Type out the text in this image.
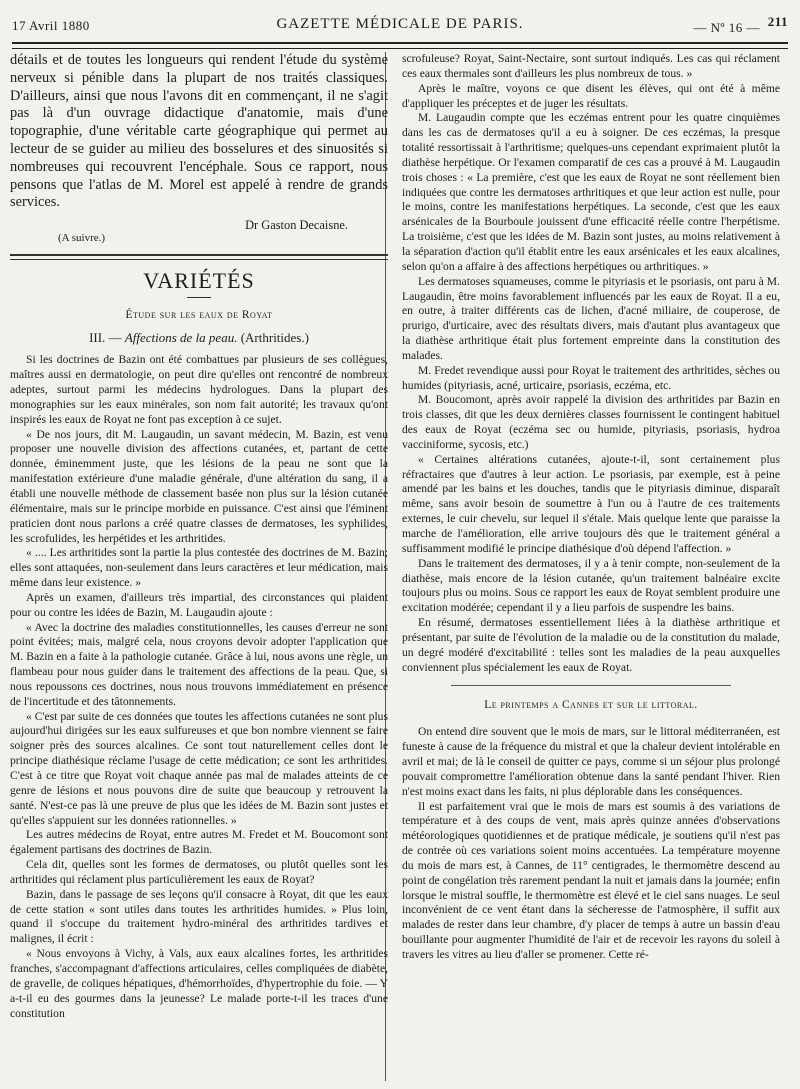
17 Avril 1880	GAZETTE MÉDICALE DE PARIS.	— Nº 16 — 211

détails et de toutes les longueurs qui rendent l'étude du système nerveux si pénible dans la plupart de nos traités classiques. D'ailleurs, ainsi que nous l'avons dit en commençant, il ne s'agit pas là d'un ouvrage didactique d'anatomie, mais d'une topographie, d'une véritable carte géographique qui permet au lecteur de se guider au milieu des bosselures et des sinuosités si nombreuses qui recouvrent l'encéphale. Sous ce rapport, nous pensons que l'atlas de M. Morel est appelé à rendre de grands services.

Dr Gaston Decaisne.
(A suivre.)
VARIÉTÉS
Étude sur les eaux de Royat
III. — Affections de la peau. (Arthritides.)

Si les doctrines de Bazin ont été combattues par plusieurs de ses collègues, maîtres aussi en dermatologie, on peut dire qu'elles ont rencontré de nombreux adeptes, surtout parmi les médecins hydrologues. Dans la plupart des monographies sur les eaux minérales, son nom fait autorité; les travaux qu'ont inspirés les eaux de Royat ne font pas exception à ce sujet.

« De nos jours, dit M. Laugaudin, un savant médecin, M. Bazin, est venu proposer une nouvelle division des affections cutanées, et, partant de cette donnée, éminemment juste, que les lésions de la peau ne sont que la manifestation extérieure d'une maladie générale, d'une altération du sang, il a établi une nouvelle méthode de classement basée non plus sur la lésion cutanée élémentaire, mais sur le principe morbide en puissance. C'est ainsi que l'éminent praticien dont nous parlons a créé quatre classes de dermatoses, les syphilides, les scrofulides, les herpétides et les arthritides.

« .... Les arthritides sont la partie la plus contestée des doctrines de M. Bazin; elles sont attaquées, non-seulement dans leurs caractères et leur médication, mais même dans leur existence. »

Après un examen, d'ailleurs très impartial, des circonstances qui plaident pour ou contre les idées de Bazin, M. Laugaudin ajoute :

« Avec la doctrine des maladies constitutionnelles, les causes d'erreur ne sont point évitées; mais, malgré cela, nous croyons devoir adopter l'application que M. Bazin en a faite à la pathologie cutanée. Grâce à lui, nous avons une règle, un flambeau pour nous guider dans le traitement des affections de la peau. Que, si nous repoussons ces doctrines, nous nous trouvons immédiatement en présence de l'incertitude et des tâtonnements.

« C'est par suite de ces données que toutes les affections cutanées ne sont plus aujourd'hui dirigées sur les eaux sulfureuses et que bon nombre viennent se faire soigner près des sources alcalines. Ce sont tout naturellement celles dont le principe diathésique réclame l'usage de cette médication; ce sont les arthritides. C'est à ce titre que Royat voit chaque année pas mal de malades atteints de ce genre de lésions et nous pouvons dire de suite que beaucoup y retrouvent la santé. N'est-ce pas là une preuve de plus que les idées de M. Bazin sont justes et qu'elles s'appuient sur les données rationnelles. »

Les autres médecins de Royat, entre autres M. Fredet et M. Boucomont sont également partisans des doctrines de Bazin.

Cela dit, quelles sont les formes de dermatoses, ou plutôt quelles sont les arthritides qui réclament plus particulièrement les eaux de Royat?

Bazin, dans le passage de ses leçons qu'il consacre à Royat, dit que les eaux de cette station « sont utiles dans toutes les arthritides humides. » Plus loin, quand il s'occupe du traitement hydro-minéral des arthritides tardives et malignes, il écrit :

« Nous envoyons à Vichy, à Vals, aux eaux alcalines fortes, les arthritides franches, s'accompagnant d'affections articulaires, celles compliquées de diabète, de gravelle, de coliques hépatiques, d'hémorrhoïdes, d'hypertrophie du foie. — Y a-t-il eu des gourmes dans la jeunesse? Le malade porte-t-il les traces d'une constitution

scrofuleuse? Royat, Saint-Nectaire, sont surtout indiqués. Les cas qui réclament ces eaux thermales sont d'ailleurs les plus nombreux de tous. »

Après le maître, voyons ce que disent les élèves, qui ont été à même d'appliquer les préceptes et de juger les résultats.

M. Laugaudin compte que les eczémas entrent pour les quatre cinquièmes dans les cas de dermatoses qu'il a eu à soigner. De ces eczémas, la presque totalité ressortissait à l'arthritisme; quelques-uns cependant exprimaient plutôt la diathèse herpétique. Or l'examen comparatif de ces cas a prouvé à M. Laugaudin trois choses : « La première, c'est que les eaux de Royat ne sont réellement bien indiquées que contre les dermatoses arthritiques et que leur action est nulle, pour le moins, contre les manifestations herpétiques. La seconde, c'est que les eaux arsénicales de la Bourboule jouissent d'une efficacité réelle contre l'herpétisme. La troisième, c'est que les idées de M. Bazin sont justes, au moins relativement à la séparation d'action qu'il établit entre les eaux arsénicales et les eaux alcalines, selon qu'on a affaire à des affections herpétiques ou arthritiques. »

Les dermatoses squameuses, comme le pityriasis et le psoriasis, ont paru à M. Laugaudin, être moins favorablement influencés par les eaux de Royat. Il a eu, en outre, à traiter différents cas de lichen, d'acné miliaire, de couperose, de prurigo, d'urticaire, avec des résultats divers, mais d'autant plus avantageux que la diathèse arthritique était plus fortement empreinte dans la constitution des malades.

M. Fredet revendique aussi pour Royat le traitement des arthritides, sèches ou humides (pityriasis, acné, urticaire, psoriasis, eczéma, etc.

M. Boucomont, après avoir rappelé la division des arthritides par Bazin en trois classes, dit que les deux dernières classes fournissent le contingent habituel des eaux de Royat (eczéma sec ou humide, pityriasis, psoriasis, hydroa vacciniforme, sycosis, etc.)

« Certaines altérations cutanées, ajoute-t-il, sont certainement plus réfractaires que d'autres à leur action. Le psoriasis, par exemple, est à peine amendé par les bains et les douches, tandis que le pityriasis diminue, disparaît même, sans avoir besoin de soumettre à l'un ou à l'autre de ces traitements externes, le cuir chevelu, sur lequel il s'étale. Mais quelque lente que paraisse la marche de l'amélioration, elle arrive toujours dès que le traitement général a suffisamment modifié le principe diathésique d'où dépend l'affection. »

Dans le traitement des dermatoses, il y a à tenir compte, non-seulement de la diathèse, mais encore de la lésion cutanée, qu'un traitement balnéaire excite toujours plus ou moins. Sous ce rapport les eaux de Royat semblent produire une excitation modérée; cependant il y a lieu parfois de suspendre les bains.

En résumé, dermatoses essentiellement liées à la diathèse arthritique et présentant, par suite de l'évolution de la maladie ou de la constitution du malade, un degré modéré d'excitabilité : telles sont les maladies de la peau auxquelles conviennent plus spécialement les eaux de Royat.

Le printemps a Cannes et sur le littoral.

On entend dire souvent que le mois de mars, sur le littoral méditerranéen, est funeste à cause de la fréquence du mistral et que la chaleur devient intolérable en avril et mai; de là le conseil de quitter ce pays, comme si un séjour plus prolongé pouvait compromettre l'amélioration obtenue dans la santé pendant l'hiver. Rien n'est moins exact dans les faits, ni plus déplorable dans les conséquences.

Il est parfaitement vrai que le mois de mars est soumis à des variations de température et à des coups de vent, mais après quinze années d'observations météorologiques quotidiennes et de pratique médicale, je soutiens qu'il n'est pas de contrée où ces variations soient moins accentuées. La température moyenne du mois de mars est, à Cannes, de 11° centigrades, le thermomètre descend au point de congélation très rarement pendant la nuit et jamais dans la journée; enfin lorsque le mistral souffle, le thermomètre est élevé et le ciel sans nuages. Le seul inconvénient de ce vent étant dans la sécheresse de l'atmosphère, il suffit aux malades de rester dans leur chambre, d'y placer de temps à autre un bassin d'eau bouillante pour augmenter l'humidité de l'air et de recevoir les rayons du soleil à travers les vitres au lieu d'aller se promener. Cette ré-
